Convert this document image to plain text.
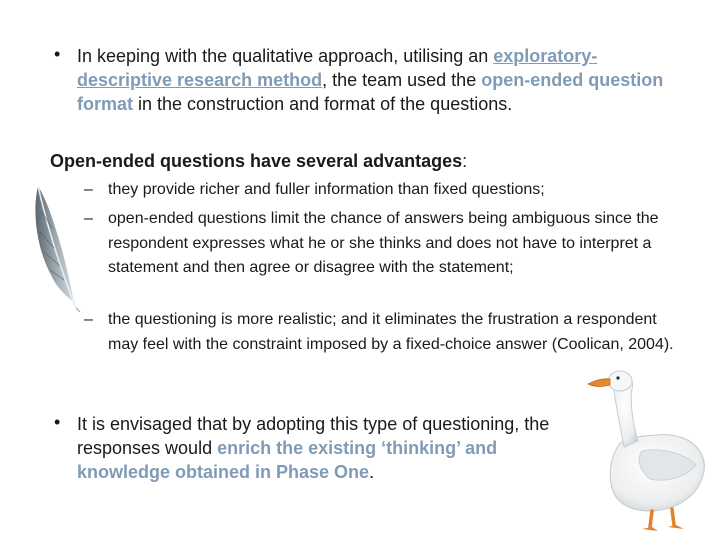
• In keeping with the qualitative approach, utilising an exploratory-descriptive research method, the team used the open-ended question format in the construction and format of the questions.

Open-ended questions have several advantages:
– they provide richer and fuller information than fixed questions;
– open-ended questions limit the chance of answers being ambiguous since the respondent expresses what he or she thinks and does not have to interpret a statement and then agree or disagree with the statement;
– the questioning is more realistic; and it eliminates the frustration a respondent may feel with the constraint imposed by a fixed-choice answer (Coolican, 2004).
• It is envisaged that by adopting this type of questioning, the responses would enrich the existing ‘thinking’ and knowledge obtained in Phase One.
